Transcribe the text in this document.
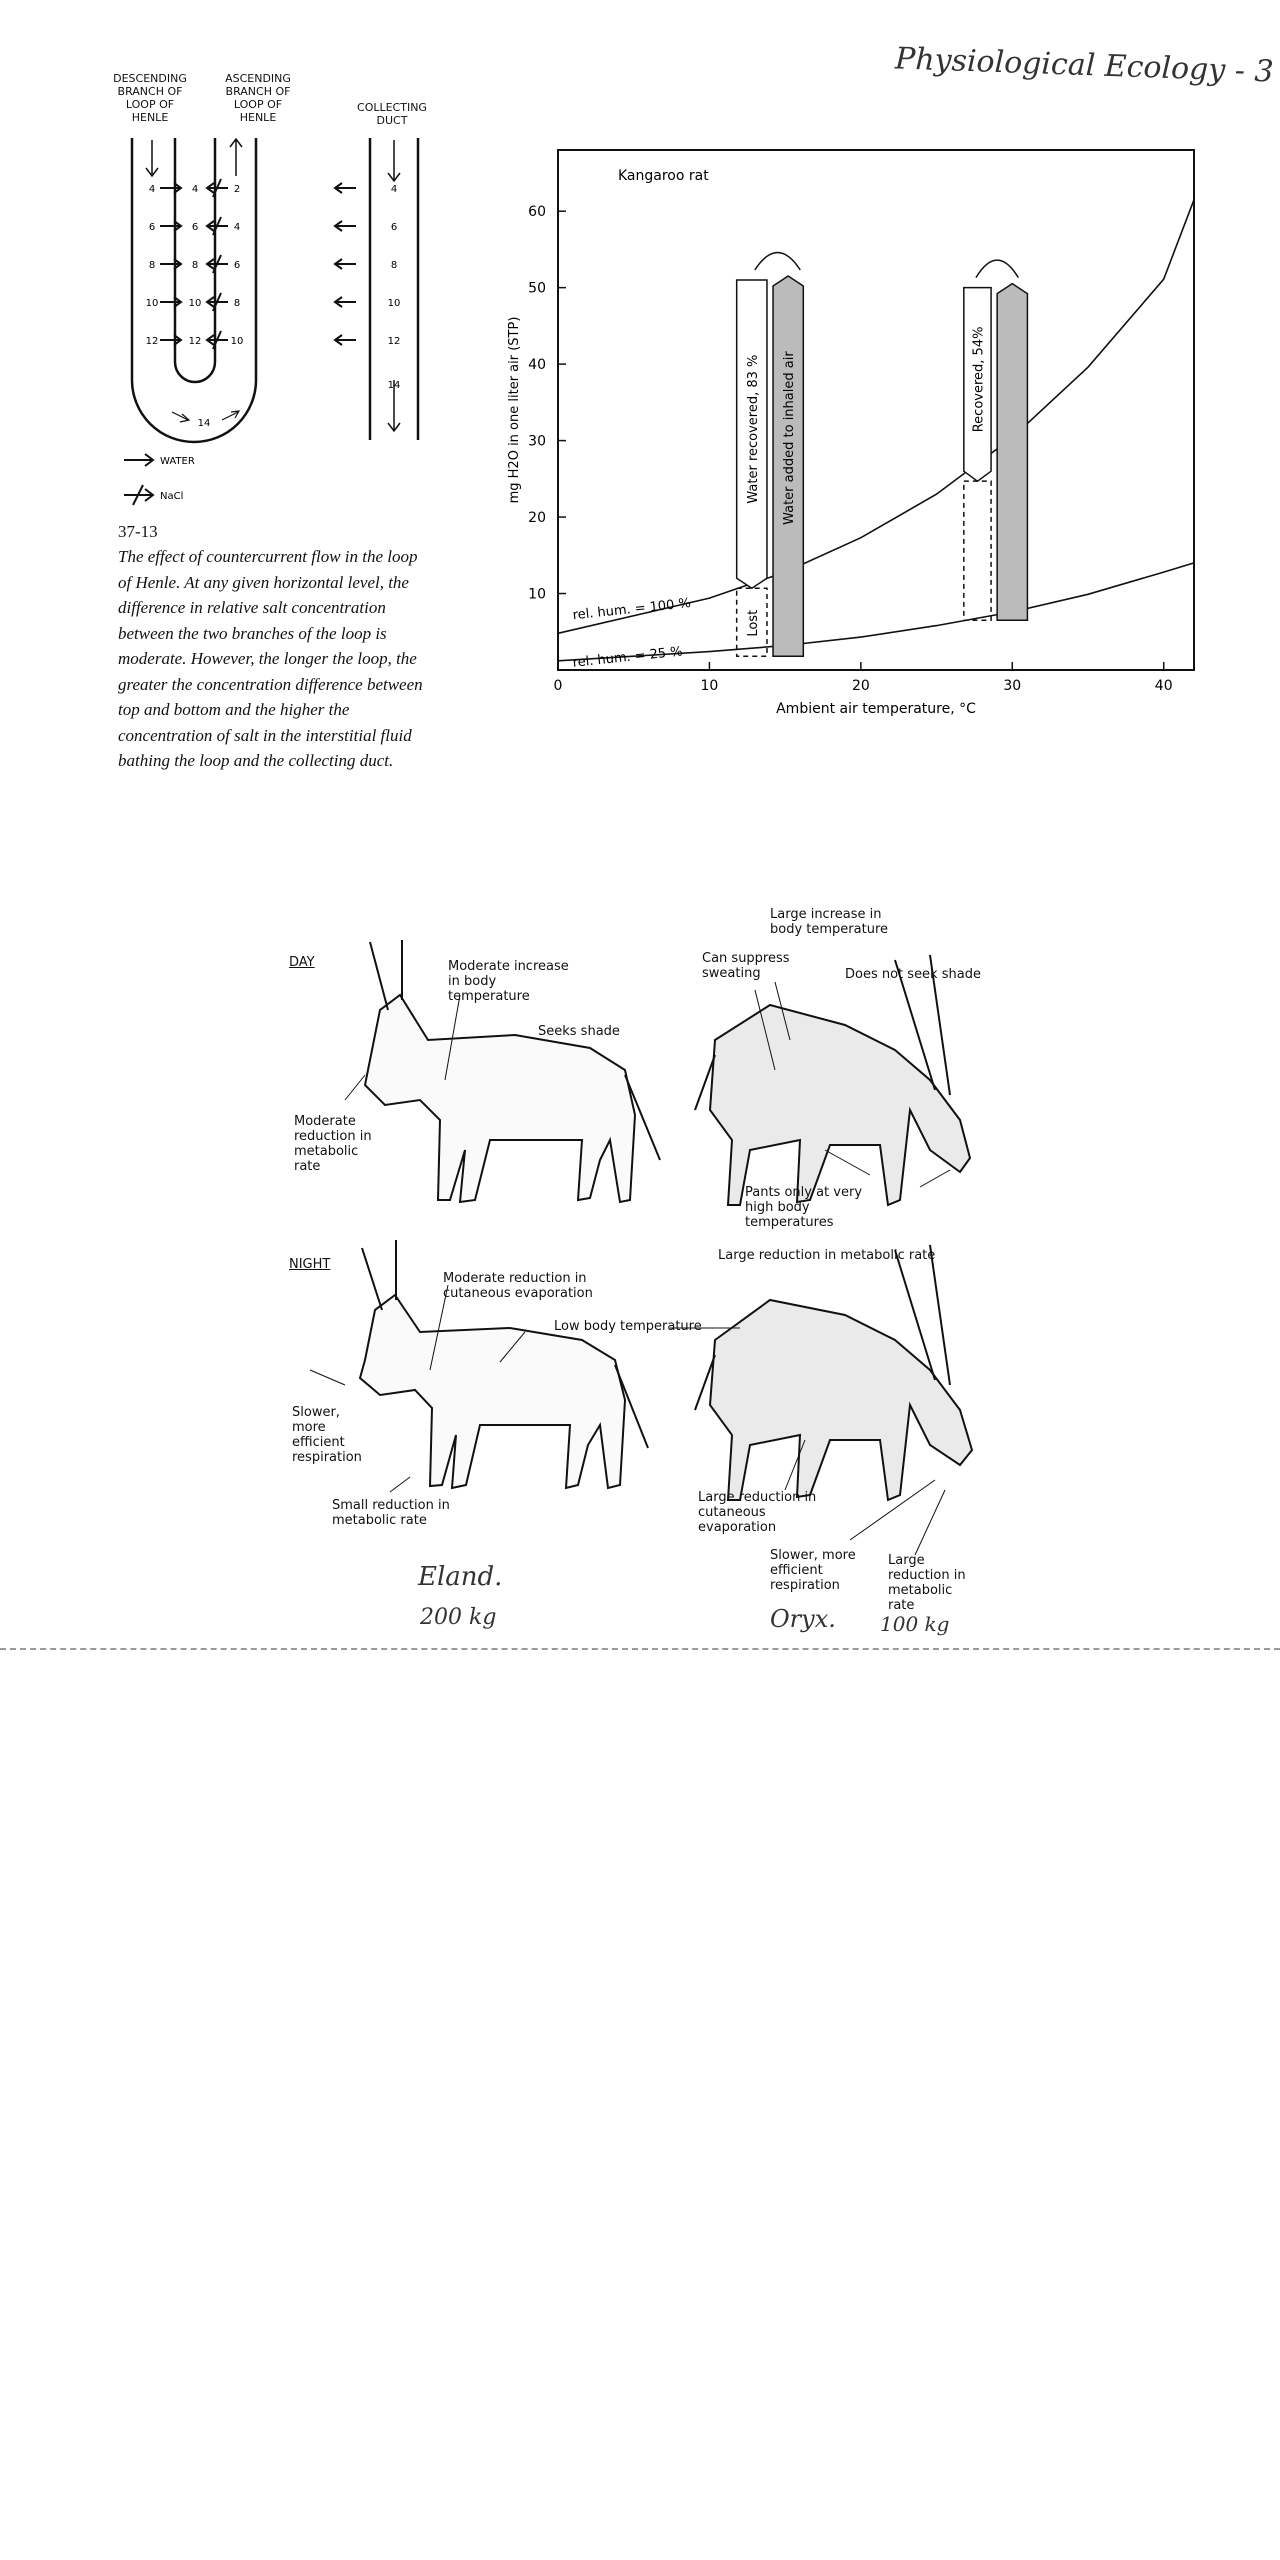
Physiological Ecology - 3
DESCENDING BRANCH OF LOOP OF HENLE
ASCENDING BRANCH OF LOOP OF HENLE
COLLECTING DUCT
4	4	2	4
6	6	4	6
8	8	6	8
10	10	8	10
12	12	10	12
14
14
WATER
NaCl
37-13
The effect of countercurrent flow in the loop of Henle. At any given horizontal level, the difference in relative salt concentration between the two branches of the loop is moderate. However, the longer the loop, the greater the concentration difference between top and bottom and the higher the concentration of salt in the interstitial fluid bathing the loop and the collecting duct.
0	10	20	30	40
10
20
30
40
50
60
rel. hum. = 100 %
rel. hum. = 25 %
Water recovered, 83 %
Lost
Water added to inhaled air	Recovered, 54%
Kangaroo rat
Ambient air temperature, °C
mg H2O in one liter air (STP)
DAY
NIGHT
Moderate increase in body temperature
Seeks shade
Moderate reduction in metabolic rate
Large increase in body temperature
Can suppress sweating	Does not seek shade
Pants only at very high body temperatures
Large reduction in metabolic rate
Moderate reduction in cutaneous evaporation
Low body temperature
Slower, more efficient respiration
Small reduction in metabolic rate
Large reduction in cutaneous evaporation
Slower, more efficient respiration
Large reduction in metabolic rate
Eland.
200 kg	Oryx. 100 kg
